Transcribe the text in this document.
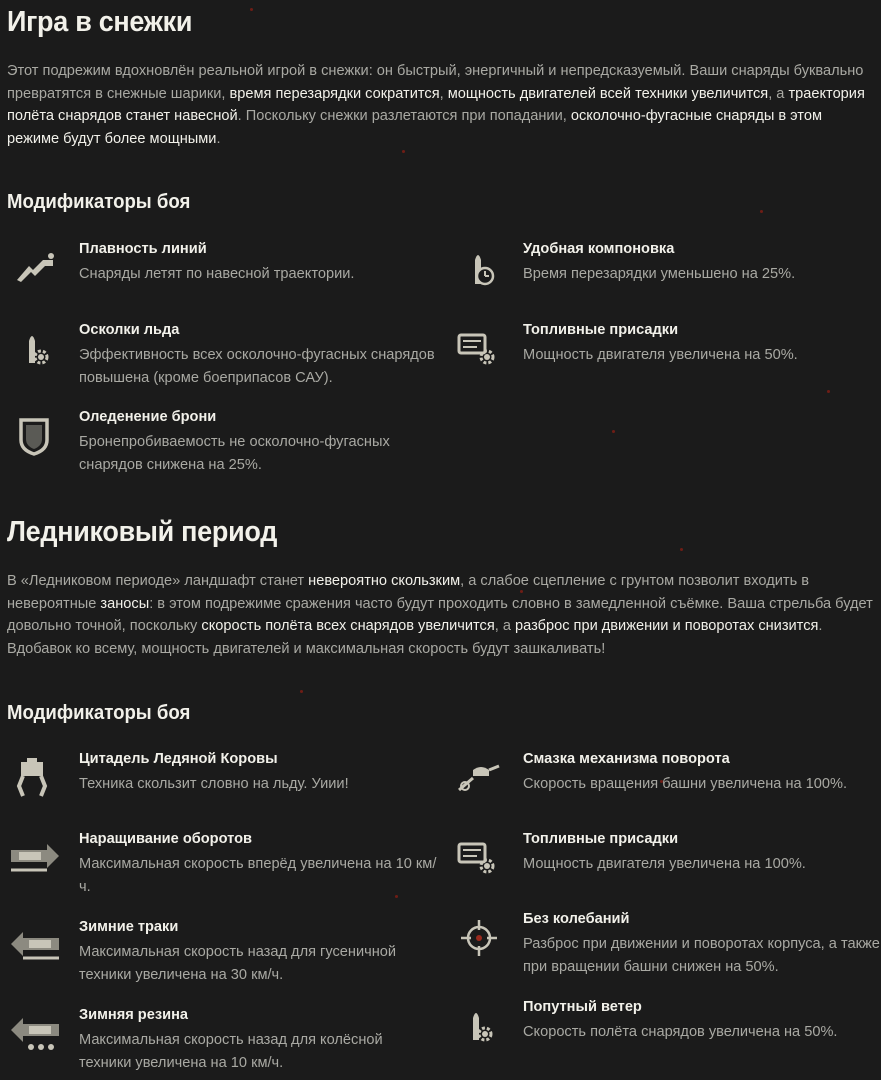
Игра в снежки

Этот подрежим вдохновлён реальной игрой в снежки: он быстрый, энергичный и непредсказуемый. Ваши снаряды буквально превратятся в снежные шарики, время перезарядки сократится, мощность двигателей всей техники увеличится, а траектория полёта снарядов станет навесной. Поскольку снежки разлетаются при попадании, осколочно-фугасные снаряды в этом режиме будут более мощными.

Модификаторы боя
Ледниковый период

В «Ледниковом периоде» ландшафт станет невероятно скользким, а слабое сцепление с грунтом позволит входить в невероятные заносы: в этом подрежиме сражения часто будут проходить словно в замедленной съёмке. Ваша стрельба будет довольно точной, поскольку скорость полёта всех снарядов увеличится, а разброс при движении и поворотах снизится. Вдобавок ко всему, мощность двигателей и максимальная скорость будут зашкаливать!

Модификаторы боя
Плавность линий
Снаряды летят по навесной траектории.
Удобная компоновка
Время перезарядки уменьшено на 25%.
Осколки льда
Эффективность всех осколочно-фугасных снарядов повышена (кроме боеприпасов САУ).
Топливные присадки
Мощность двигателя увеличена на 50%.
Оледенение брони
Бронепробиваемость не осколочно-фугасных снарядов снижена на 25%.
Цитадель Ледяной Коровы
Техника скользит словно на льду. Уиии!
Смазка механизма поворота
Скорость вращения башни увеличена на 100%.
Наращивание оборотов
Максимальная скорость вперёд увеличена на 10 км/ч.
Топливные присадки
Мощность двигателя увеличена на 100%.
Зимние траки
Максимальная скорость назад для гусеничной техники увеличена на 30 км/ч.
Без колебаний
Разброс при движении и поворотах корпуса, а также при вращении башни снижен на 50%.
Зимняя резина
Максимальная скорость назад для колёсной техники увеличена на 10 км/ч.
Попутный ветер
Скорость полёта снарядов увеличена на 50%.
